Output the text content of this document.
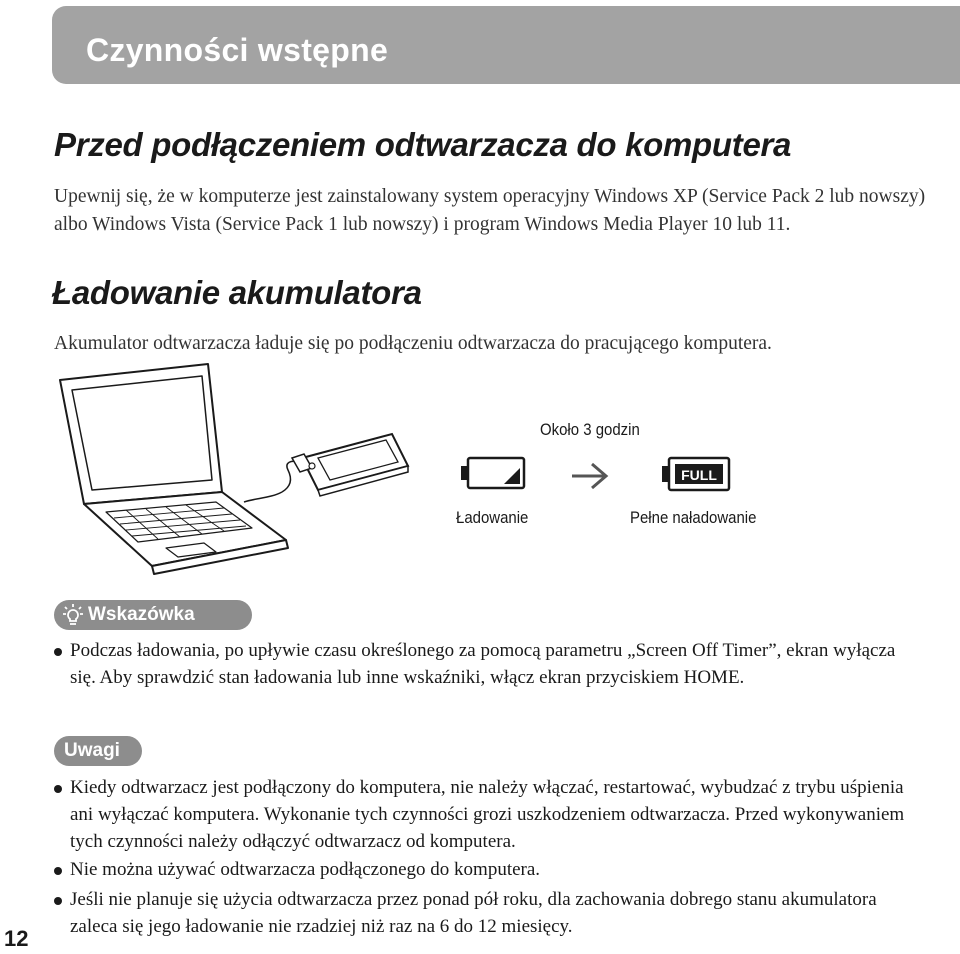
Czynności wstępne
Przed podłączeniem odtwarzacza do komputera

Upewnij się, że w komputerze jest zainstalowany system operacyjny Windows XP (Service Pack 2 lub nowszy) albo Windows Vista (Service Pack 1 lub nowszy) i program Windows Media Player 10 lub 11.

Ładowanie akumulatora

Akumulator odtwarzacza ładuje się po podłączeniu odtwarzacza do pracującego komputera.

FULL
Około 3 godzin
Ładowanie	Pełne naładowanie
Wskazówka

Podczas ładowania, po upływie czasu określonego za pomocą parametru „Screen Off Timer”, ekran wyłącza się. Aby sprawdzić stan ładowania lub inne wskaźniki, włącz ekran przyciskiem HOME.

Uwagi

Kiedy odtwarzacz jest podłączony do komputera, nie należy włączać, restartować, wybudzać z trybu uśpienia ani wyłączać komputera. Wykonanie tych czynności grozi uszkodzeniem odtwarzacza. Przed wykonywaniem tych czynności należy odłączyć odtwarzacz od komputera.

Nie można używać odtwarzacza podłączonego do komputera.

Jeśli nie planuje się użycia odtwarzacza przez ponad pół roku, dla zachowania dobrego stanu akumulatora zaleca się jego ładowanie nie rzadziej niż raz na 6 do 12 miesięcy.

12
